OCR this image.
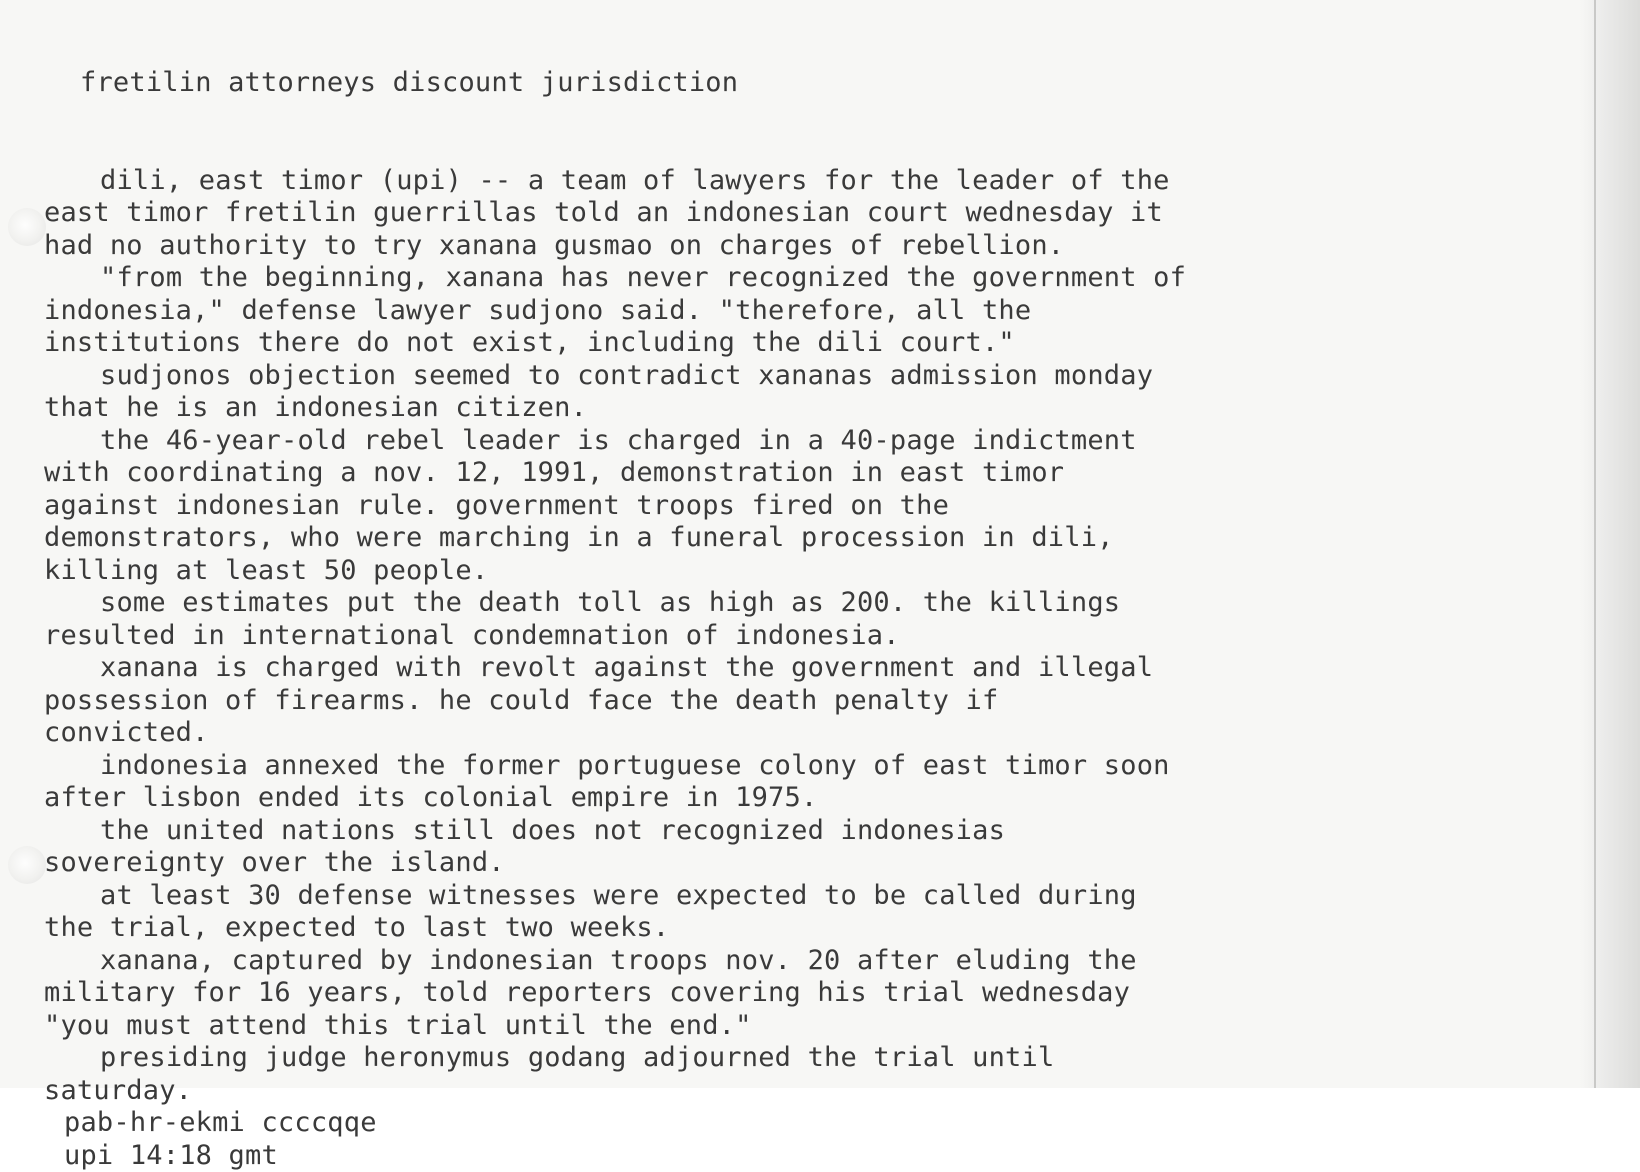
fretilin attorneys discount jurisdiction

dili, east timor (upi) -- a team of lawyers for the leader of the
east timor fretilin guerrillas told an indonesian court wednesday it
had no authority to try xanana gusmao on charges of rebellion.
"from the beginning, xanana has never recognized the government of
indonesia," defense lawyer sudjono said. "therefore, all the
institutions there do not exist, including the dili court."
sudjonos objection seemed to contradict xananas admission monday
that he is an indonesian citizen.
the 46-year-old rebel leader is charged in a 40-page indictment
with coordinating a nov. 12, 1991, demonstration in east timor
against indonesian rule. government troops fired on the
demonstrators, who were marching in a funeral procession in dili,
killing at least 50 people.
some estimates put the death toll as high as 200. the killings
resulted in international condemnation of indonesia.
xanana is charged with revolt against the government and illegal
possession of firearms. he could face the death penalty if
convicted.
indonesia annexed the former portuguese colony of east timor soon
after lisbon ended its colonial empire in 1975.
the united nations still does not recognized indonesias
sovereignty over the island.
at least 30 defense witnesses were expected to be called during
the trial, expected to last two weeks.
xanana, captured by indonesian troops nov. 20 after eluding the
military for 16 years, told reporters covering his trial wednesday
"you must attend this trial until the end."
presiding judge heronymus godang adjourned the trial until
saturday.
pab-hr-ekmi ccccqqe
upi 14:18 gmt
